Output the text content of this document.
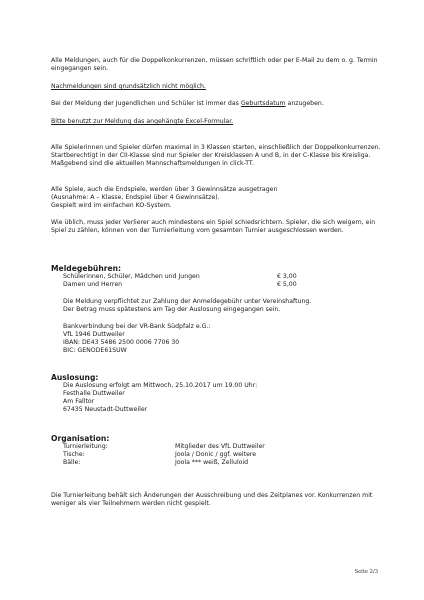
Alle Meldungen, auch für die Doppelkonkurrenzen, müssen schriftlich oder per E-Mail zu dem o. g. Termin eingegangen sein.

Nachmeldungen sind grundsätzlich nicht möglich.

Bei der Meldung der Jugendlichen und Schüler ist immer das Geburtsdatum anzugeben.

Bitte benutzt zur Meldung das angehängte Excel-Formular.

Alle Spielerinnen und Spieler dürfen maximal in 3 Klassen starten, einschließlich der Doppelkonkurrenzen. Startberechtigt in der CII-Klasse sind nur Spieler der Kreisklassen A und B, in der C-Klasse bis Kreisliga. Maßgebend sind die aktuellen Mannschaftsmeldungen in click-TT.

Alle Spiele, auch die Endspiele, werden über 3 Gewinnsätze ausgetragen

(Ausnahme: A – Klasse, Endspiel über 4 Gewinnsätze).

Gespielt wird im einfachen KO-System.

Wie üblich, muss jeder Verlierer auch mindestens ein Spiel schiedsrichtern. Spieler, die sich weigern, ein Spiel zu zählen, können von der Turnierleitung vom gesamten Turnier ausgeschlossen werden.

Meldegebühren:

Schülerinnen, Schüler, Mädchen und Jungen	€ 3,00
Damen und Herren	€ 5,00

Die Meldung verpflichtet zur Zahlung der Anmeldegebühr unter Vereinshaftung.

Der Betrag muss spätestens am Tag der Auslosung eingegangen sein.

Bankverbindung bei der VR-Bank Südpfalz e.G.:

VfL 1946 Duttweiler

IBAN: DE43 5486 2500 0006 7706 30

BIC: GENODE61SUW

Auslosung:

Die Auslosung erfolgt am Mittwoch, 25.10.2017 um 19.00 Uhr:

Festhalle Duttweiler

Am Falltor

67435 Neustadt-Duttweiler

Organisation:

Turnierleitung:	Mitglieder des VfL Duttweiler
Tische:	Joola / Donic / ggf. weitere
Bälle:	Joola *** weiß, Zelluloid

Die Turnierleitung behält sich Änderungen der Ausschreibung und des Zeitplanes vor. Konkurrenzen mit weniger als vier Teilnehmern werden nicht gespielt.

Seite 2/3
